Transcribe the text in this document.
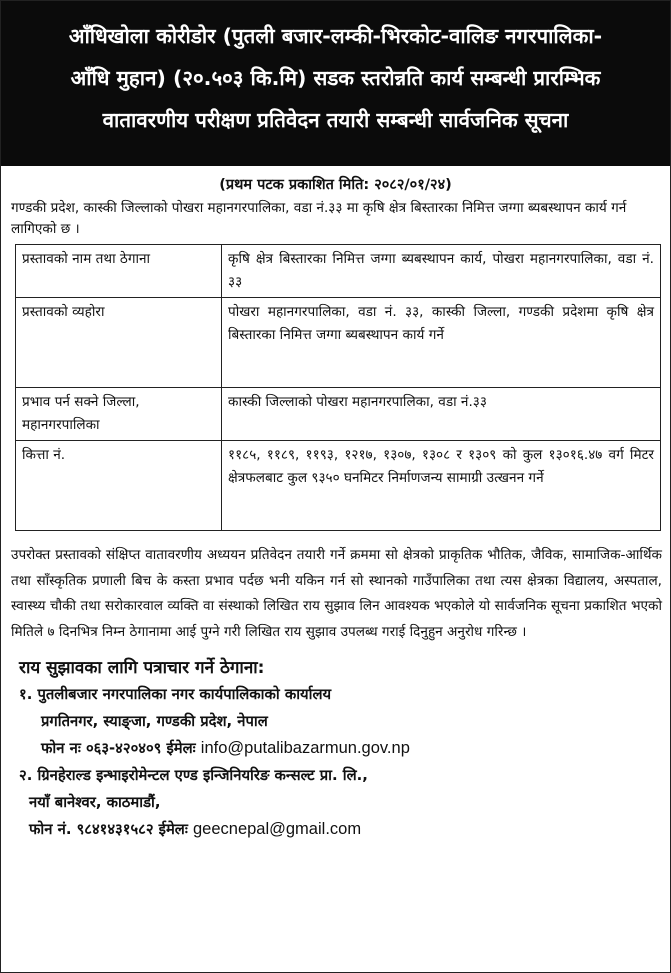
आँधिखोला कोरीडोर (पुतली बजार-लम्की-भिरकोट-वालिङ नगरपालिका-
आँधि मुहान) (२०.५०३ कि.मि) सडक स्तरोन्नति कार्य सम्बन्धी प्रारम्भिक
वातावरणीय परीक्षण प्रतिवेदन तयारी सम्बन्धी सार्वजनिक सूचना
(प्रथम पटक प्रकाशित मिति: २०८२/०१/२४)
गण्डकी प्रदेश, कास्की जिल्लाको पोखरा महानगरपालिका, वडा नं.३३ मा कृषि क्षेत्र बिस्तारका निमित्त जग्गा ब्यबस्थापन कार्य गर्न लागिएको छ ।
प्रस्तावको नाम तथा ठेगाना	कृषि क्षेत्र बिस्तारका निमित्त जग्गा ब्यबस्थापन कार्य, पोखरा महानगरपालिका, वडा नं. ३३
प्रस्तावको व्यहोरा	पोखरा महानगरपालिका, वडा नं. ३३, कास्की जिल्ला, गण्डकी प्रदेशमा कृषि क्षेत्र बिस्तारका निमित्त जग्गा ब्यबस्थापन कार्य गर्ने
प्रभाव पर्न सक्ने जिल्ला, महानगरपालिका	कास्की जिल्लाको पोखरा महानगरपालिका, वडा नं.३३
कित्ता नं.	११८५, ११८९, ११९३, १२१७, १३०७, १३०८ र १३०९ को कुल १३०१६.४७ वर्ग मिटर क्षेत्रफलबाट कुल ९३५० घनमिटर निर्माणजन्य सामाग्री उत्खनन गर्ने
उपरोक्त प्रस्तावको संक्षिप्त वातावरणीय अध्ययन प्रतिवेदन तयारी गर्ने क्रममा सो क्षेत्रको प्राकृतिक भौतिक, जैविक, सामाजिक-आर्थिक तथा साँस्कृतिक प्रणाली बिच के कस्ता प्रभाव पर्दछ भनी यकिन गर्न सो स्थानको गाउँपालिका तथा त्यस क्षेत्रका विद्यालय, अस्पताल, स्वास्थ्य चौकी तथा सरोकारवाल व्यक्ति वा संस्थाको लिखित राय सुझाव लिन आवश्यक भएकोले यो सार्वजनिक सूचना प्रकाशित भएको मितिले ७ दिनभित्र निम्न ठेगानामा आई पुग्ने गरी लिखित राय सुझाव उपलब्ध गराई दिनुहुन अनुरोध गरिन्छ ।
राय सुझावका लागि पत्राचार गर्ने ठेगाना:
१. पुतलीबजार नगरपालिका नगर कार्यपालिकाको कार्यालय
प्रगतिनगर, स्याङ्जा, गण्डकी प्रदेश, नेपाल
फोन नः ०६३-४२०४०९ ईमेलः info@putalibazarmun.gov.np
२. ग्रिनहेराल्ड इन्भाइरोमेन्टल एण्ड इन्जिनियरिङ कन्सल्ट प्रा. लि.,
नयाँ बानेश्वर, काठमाडौं,
फोन नं. ९८४१४३१५८२ ईमेलः geecnepal@gmail.com
